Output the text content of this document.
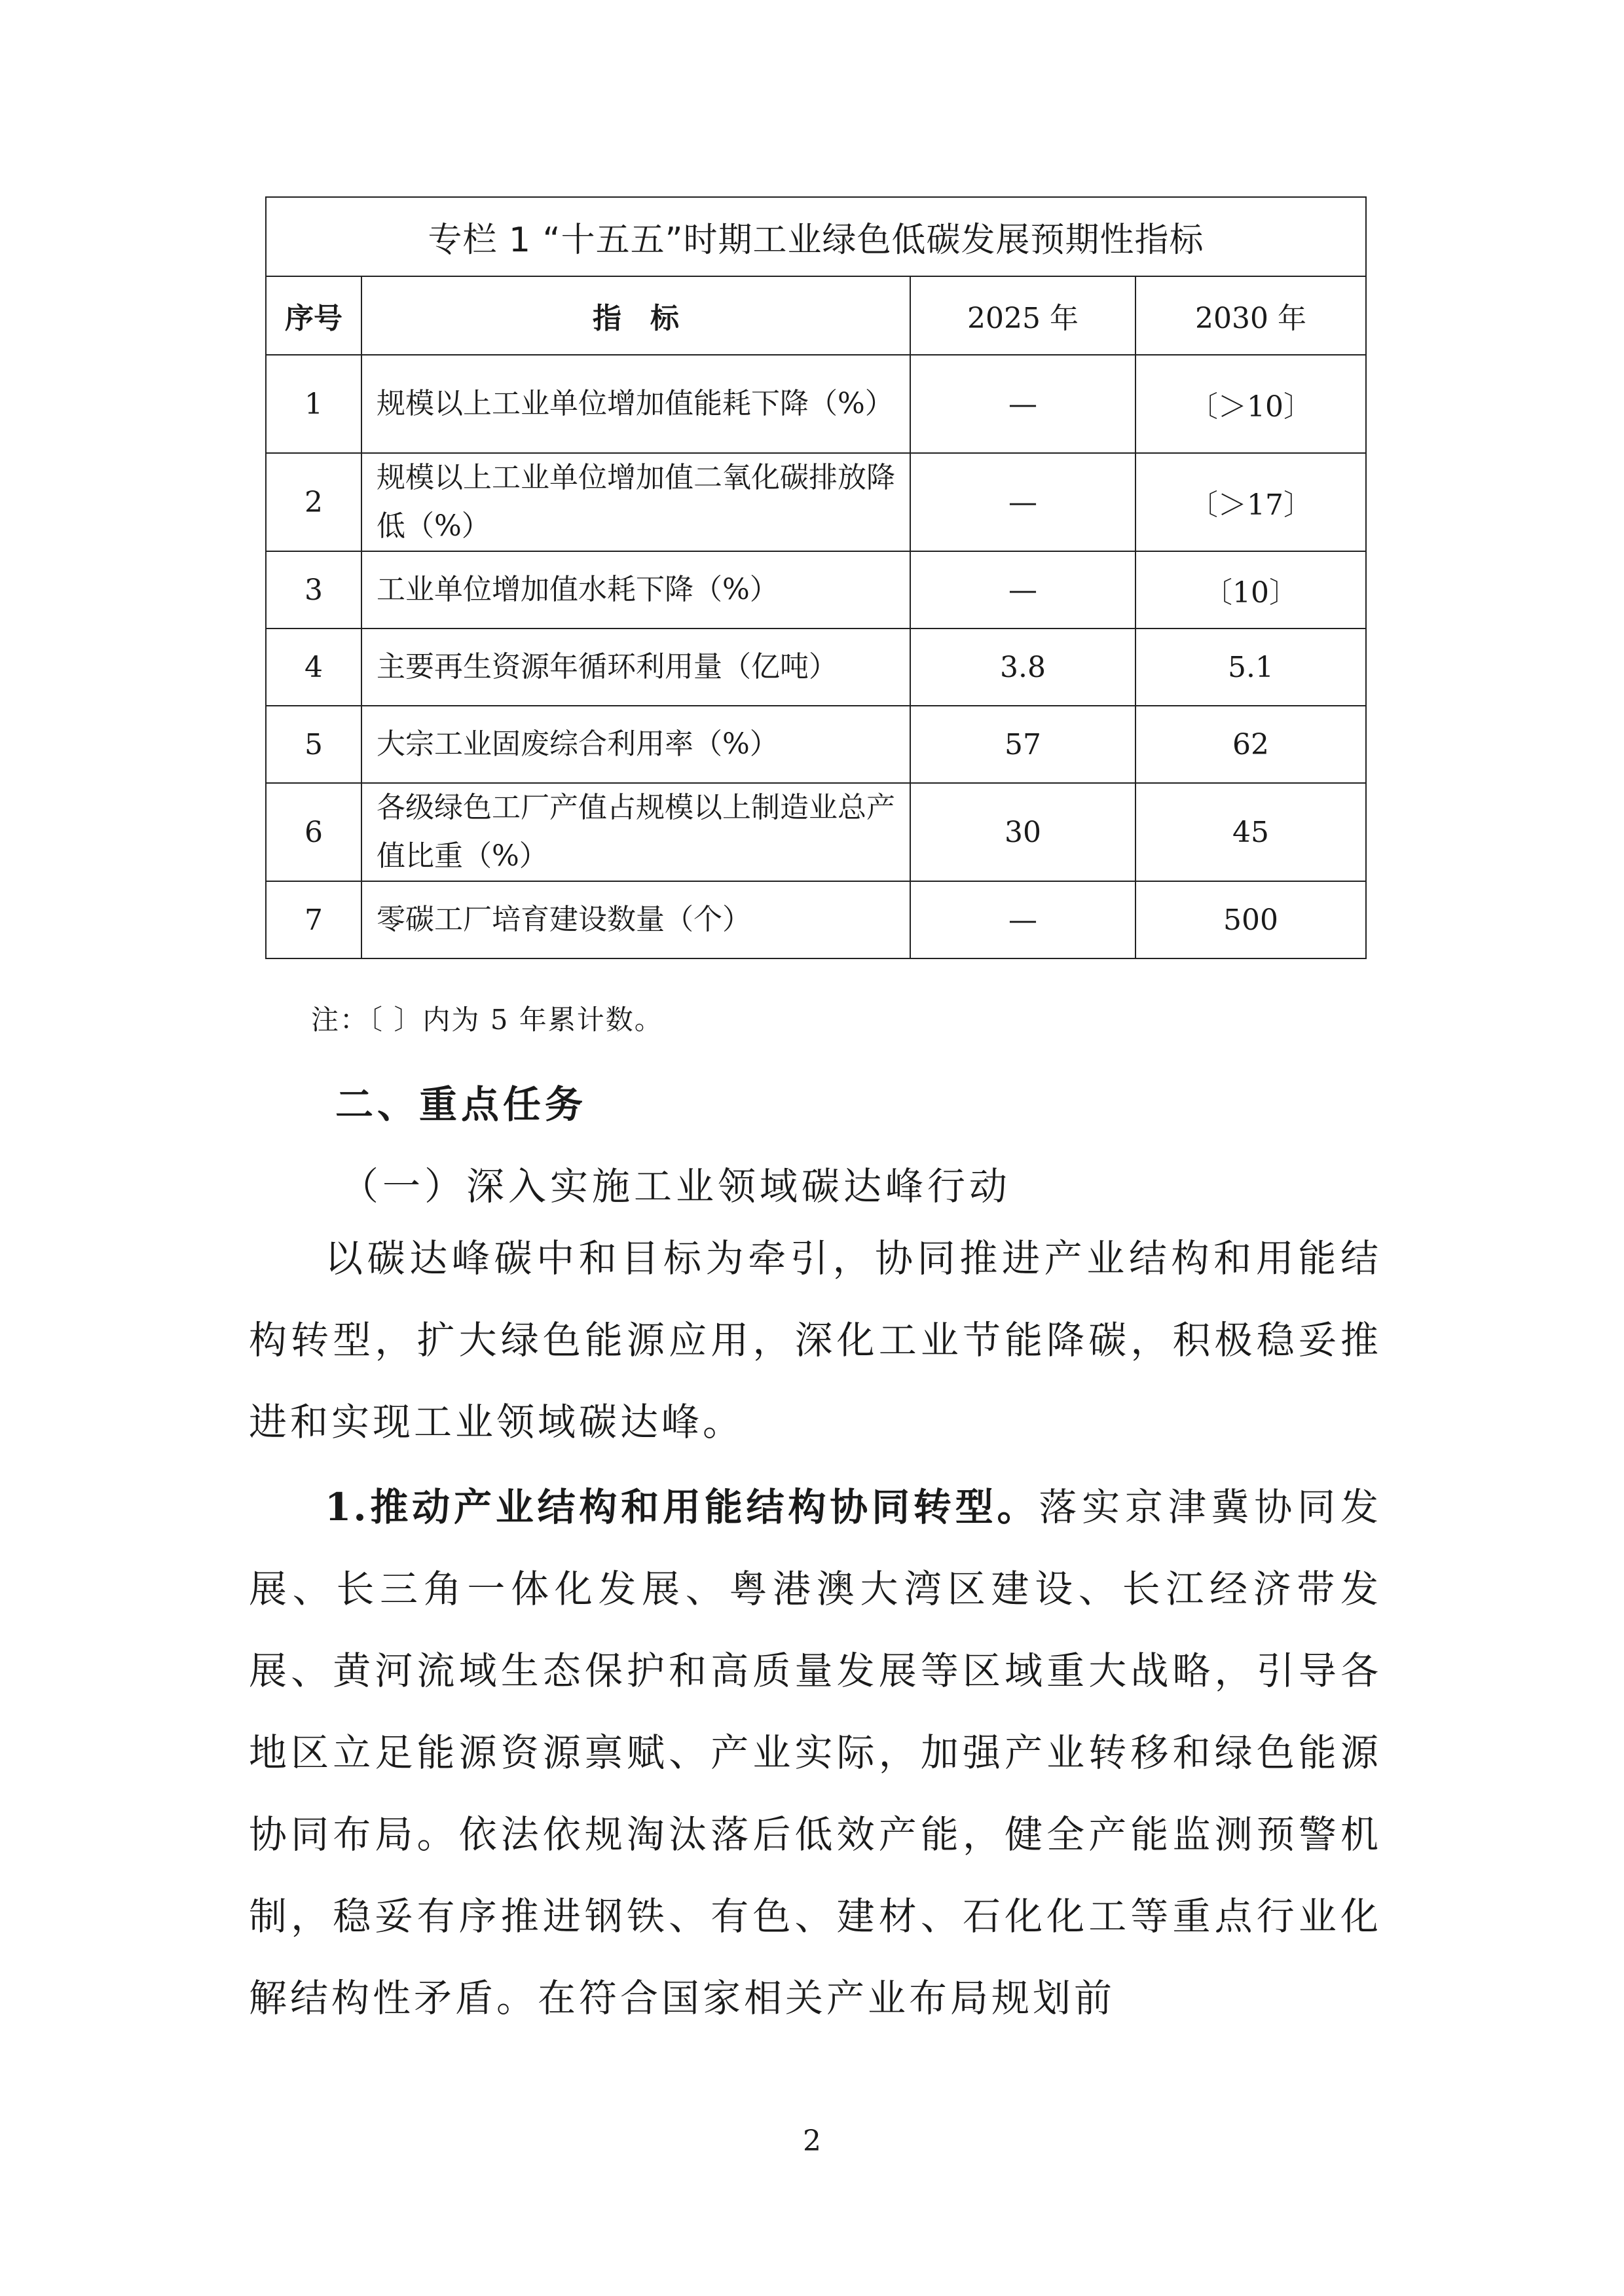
专栏 1 “十五五”时期工业绿色低碳发展预期性指标			
序号	指　标	2025 年	2030 年
1	规模以上工业单位增加值能耗下降（%）	—	〔＞10〕
2	规模以上工业单位增加值二氧化碳排放降低（%）	—	〔＞17〕
3	工业单位增加值水耗下降（%）	—	〔10〕
4	主要再生资源年循环利用量（亿吨）	3.8	5.1
5	大宗工业固废综合利用率（%）	57	62
6	各级绿色工厂产值占规模以上制造业总产值比重（%）	30	45
7	零碳工厂培育建设数量（个）	—	500
注：〔 〕内为 5 年累计数。
二、重点任务
（一）深入实施工业领域碳达峰行动

以碳达峰碳中和目标为牵引，协同推进产业结构和用能结构转型，扩大绿色能源应用，深化工业节能降碳，积极稳妥推进和实现工业领域碳达峰。

1.推动产业结构和用能结构协同转型。落实京津冀协同发展、长三角一体化发展、粤港澳大湾区建设、长江经济带发展、黄河流域生态保护和高质量发展等区域重大战略，引导各地区立足能源资源禀赋、产业实际，加强产业转移和绿色能源协同布局。依法依规淘汰落后低效产能，健全产能监测预警机制，稳妥有序推进钢铁、有色、建材、石化化工等重点行业化解结构性矛盾。在符合国家相关产业布局规划前

2
